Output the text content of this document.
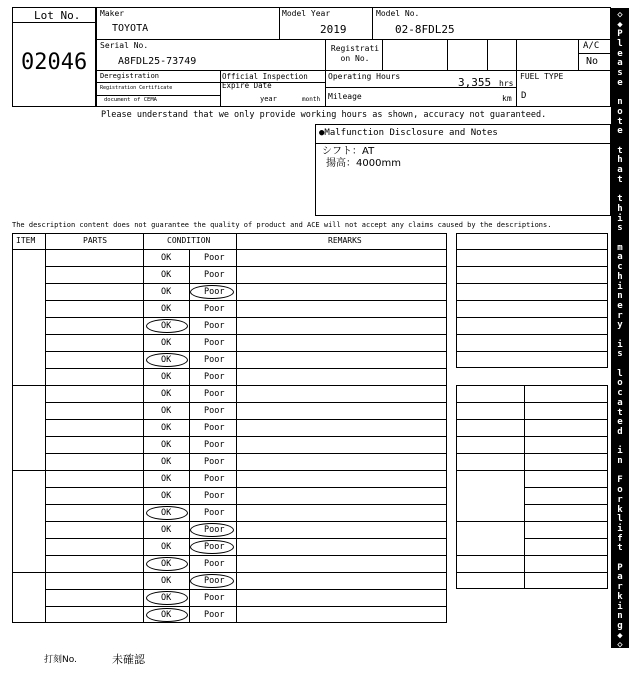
Lot No.
02046
Maker
TOYOTA
Model Year
2019
Model No.
02-8FDL25
Serial No.
A8FDL25-73749
Registrati on No.
A/C
No
Deregistration
Registration Certificate
document of CEMA
Official Inspection Expire Date
year	month
Operating Hours	3,355 hrs
Mileage	km
FUEL TYPE
D
Please understand that we only provide working hours as shown, accuracy not guaranteed.
●Malfunction Disclosure and Notes
シフト：AT
揚高：4000mm
The description content does not guarantee the quality of product and ACE will not accept any claims caused by the descriptions.
ITEM	PARTS	CONDITION	REMARKS
OK	Poor
OK	Poor
OK	Poor
OK	Poor
OK	Poor
OK	Poor
OK	Poor
OK	Poor
OK	Poor
OK	Poor
OK	Poor
OK	Poor
OK	Poor
OK	Poor
OK	Poor
OK	Poor
OK	Poor
OK	Poor
OK	Poor
OK	Poor
OK	Poor
OK	Poor
◇
◆
P
l
e
a
s
e
n
o
t
e
t
h
a
t
t
h
i
s
m
a
c
h
i
n
e
r
y
i
s
l
o
c
a
t
e
d
i
n
F
o
r
k
l
i
f
t
P
a
r
k
i
n
g
◆
◇
打刻No.	未確認
